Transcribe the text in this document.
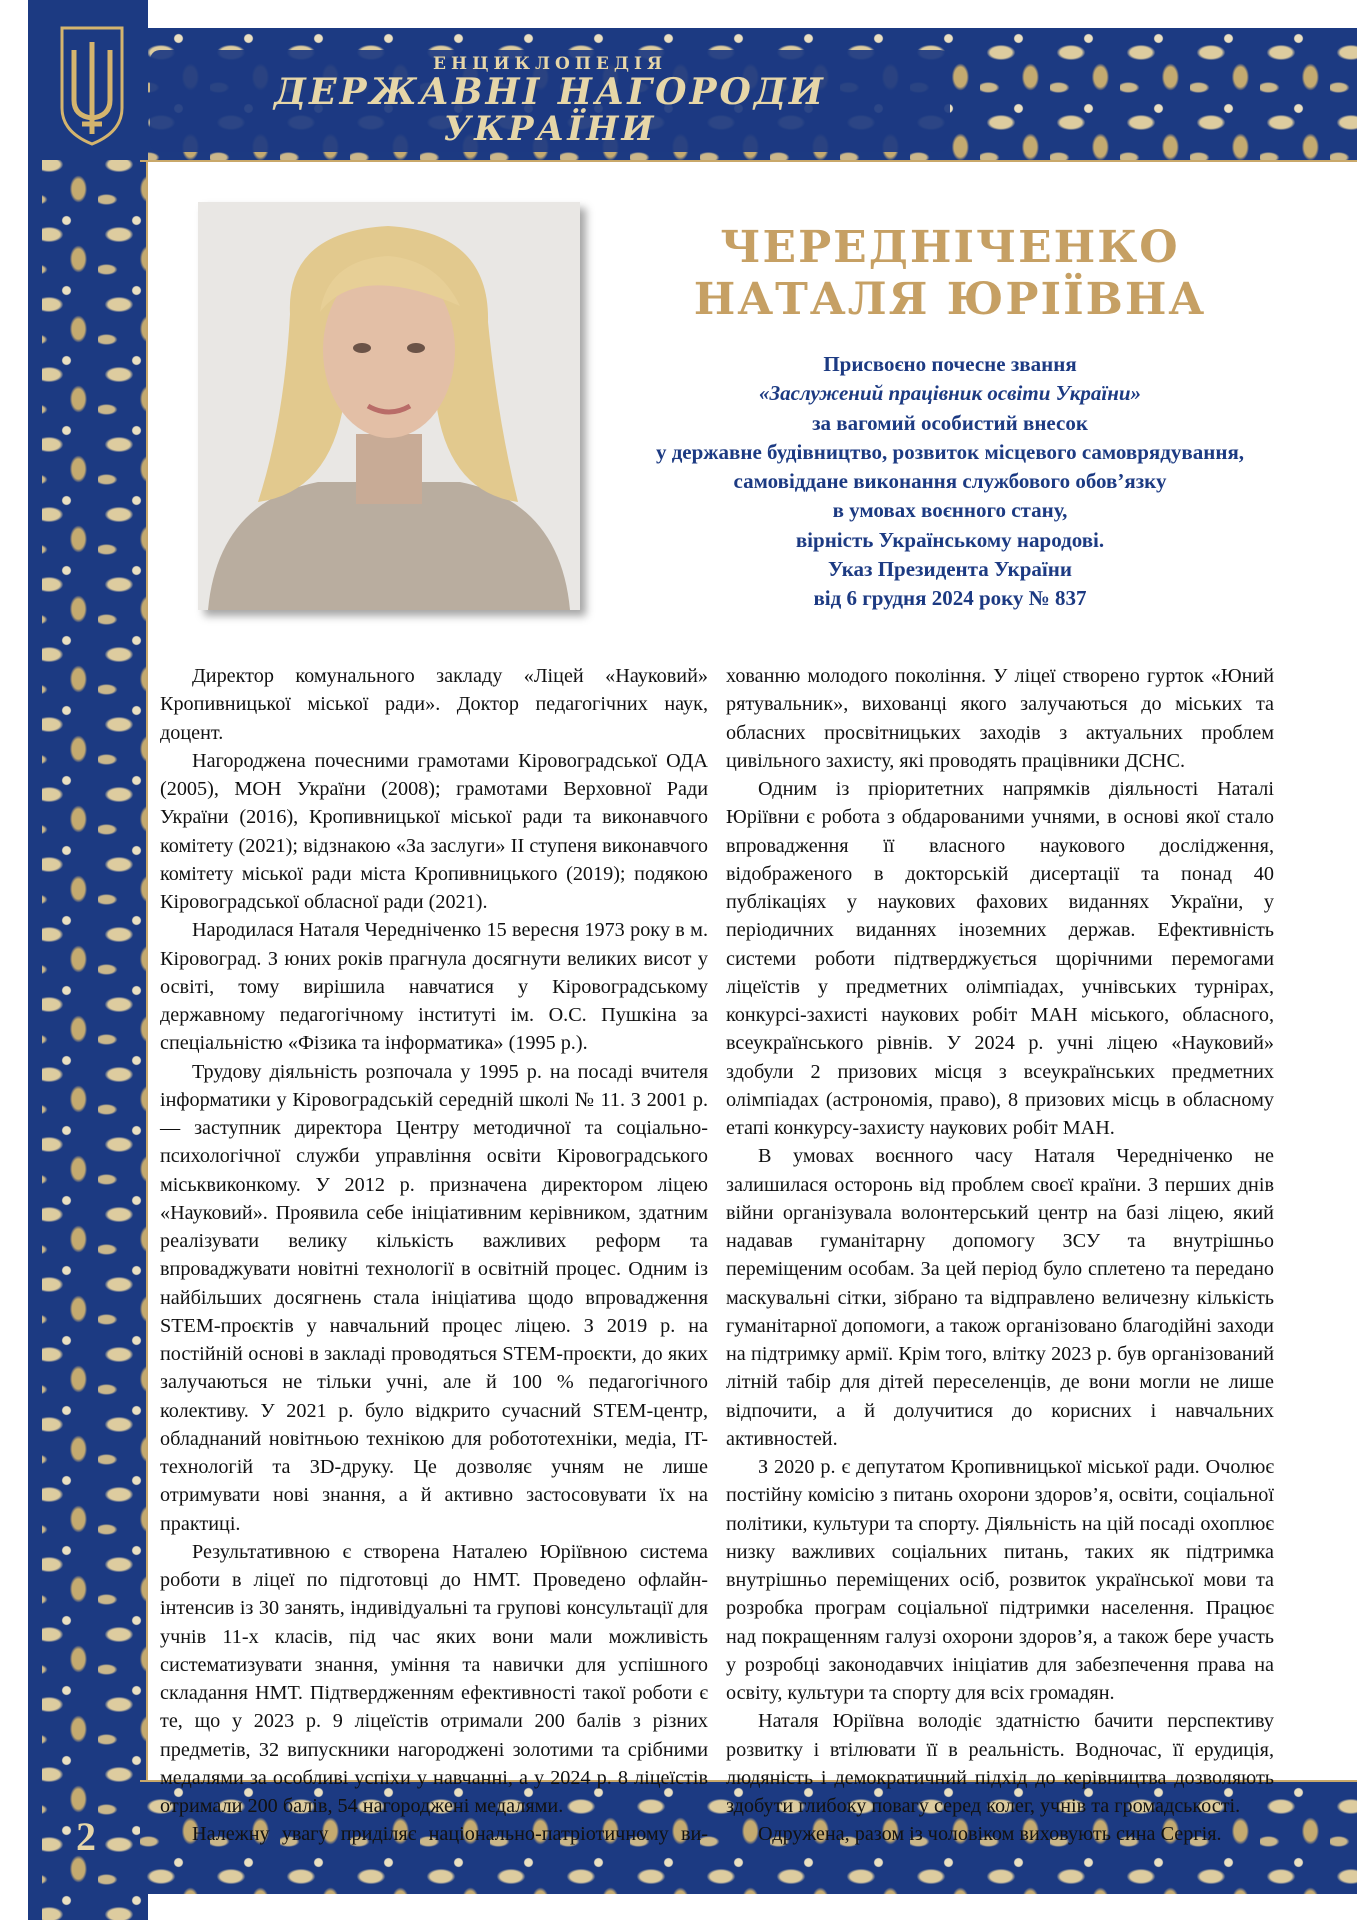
ЕНЦИКЛОПЕДІЯ
ДЕРЖАВНІ НАГОРОДИ
УКРАЇНИ
2
ЧЕРЕДНІЧЕНКО
НАТАЛЯ ЮРІЇВНА
Присвоєно почесне звання
«Заслужений працівник освіти України»
за вагомий особистий внесок
у державне будівництво, розвиток місцевого самоврядування,
самовіддане виконання службового обов’язку
в умовах воєнного стану,
вірність Українському народові.
Указ Президента України
від 6 грудня 2024 року № 837

Директор комунального закладу «Ліцей «Науковий» Кропивницької міської ради». Доктор педагогічних наук, доцент.

Нагороджена почесними грамотами Кіровоградської ОДА (2005), МОН України (2008); грамотами Верховної Ради України (2016), Кропивницької міської ради та виконавчого комітету (2021); відзнакою «За заслуги» II ступеня виконавчого комітету міської ради міста Кропивницького (2019); подякою Кіровоградської обласної ради (2021).

Народилася Наталя Чередніченко 15 вересня 1973 року в м. Кіровоград. З юних років прагнула досягнути великих висот у освіті, тому вирішила навчатися у Кіровоградському державному педагогічному інституті ім. О.С. Пушкіна за спеціальністю «Фізика та інформатика» (1995 р.).

Трудову діяльність розпочала у 1995 р. на посаді вчителя інформатики у Кіровоградській середній школі № 11. З 2001 р. — заступник директора Центру методичної та соціально-психологічної служби управління освіти Кіровоградського міськвиконкому. У 2012 р. призначена директором ліцею «Науковий». Проявила себе ініціативним керівником, здатним реалізувати велику кількість важливих реформ та впроваджувати новітні технології в освітній процес. Одним із найбільших досягнень стала ініціатива щодо впровадження STEM-проєктів у навчальний процес ліцею. З 2019 р. на постійній основі в закладі проводяться STEM-проєкти, до яких залучаються не тільки учні, але й 100 % педагогічного колективу. У 2021 р. було відкрито сучасний STEM-центр, обладнаний новітньою технікою для робототехніки, медіа, IT-технологій та 3D-друку. Це дозволяє учням не лише отримувати нові знання, а й активно застосовувати їх на практиці.

Результативною є створена Наталею Юріївною система роботи в ліцеї по підготовці до НМТ. Проведено офлайн-інтенсив із 30 занять, індивідуальні та групові консультації для учнів 11-х класів, під час яких вони мали можливість систематизувати знання, уміння та навички для успішного складання НМТ. Підтвердженням ефективності такої роботи є те, що у 2023 р. 9 ліцеїстів отримали 200 балів з різних предметів, 32 випускники нагороджені золотими та срібними медалями за особливі успіхи у навчанні, а у 2024 р. 8 ліцеїстів отримали 200 балів, 54 нагороджені медалями.

Належну увагу приділяє національно-патріотичному ви-

хованню молодого покоління. У ліцеї створено гурток «Юний рятувальник», вихованці якого залучаються до міських та обласних просвітницьких заходів з актуальних проблем цивільного захисту, які проводять працівники ДСНС.

Одним із пріоритетних напрямків діяльності Наталі Юріївни є робота з обдарованими учнями, в основі якої стало впровадження її власного наукового дослідження, відображеного в докторській дисертації та понад 40 публікаціях у наукових фахових виданнях України, у періодичних виданнях іноземних держав. Ефективність системи роботи підтверджується щорічними перемогами ліцеїстів у предметних олімпіадах, учнівських турнірах, конкурсі-захисті наукових робіт МАН міського, обласного, всеукраїнського рівнів. У 2024 р. учні ліцею «Науковий» здобули 2 призових місця з всеукраїнських предметних олімпіадах (астрономія, право), 8 призових місць в обласному етапі конкурсу-захисту наукових робіт МАН.

В умовах воєнного часу Наталя Чередніченко не залишилася осторонь від проблем своєї країни. З перших днів війни організувала волонтерський центр на базі ліцею, який надавав гуманітарну допомогу ЗСУ та внутрішньо переміщеним особам. За цей період було сплетено та передано маскувальні сітки, зібрано та відправлено величезну кількість гуманітарної допомоги, а також організовано благодійні заходи на підтримку армії. Крім того, влітку 2023 р. був організований літній табір для дітей переселенців, де вони могли не лише відпочити, а й долучитися до корисних і навчальних активностей.

З 2020 р. є депутатом Кропивницької міської ради. Очолює постійну комісію з питань охорони здоров’я, освіти, соціальної політики, культури та спорту. Діяльність на цій посаді охоплює низку важливих соціальних питань, таких як підтримка внутрішньо переміщених осіб, розвиток української мови та розробка програм соціальної підтримки населення. Працює над покращенням галузі охорони здоров’я, а також бере участь у розробці законодавчих ініціатив для забезпечення права на освіту, культури та спорту для всіх громадян.

Наталя Юріївна володіє здатністю бачити перспективу розвитку і втілювати її в реальність. Водночас, її ерудиція, людяність і демократичний підхід до керівництва дозволяють здобути глибоку повагу серед колег, учнів та громадськості.

Одружена, разом із чоловіком виховують сина Сергія.
